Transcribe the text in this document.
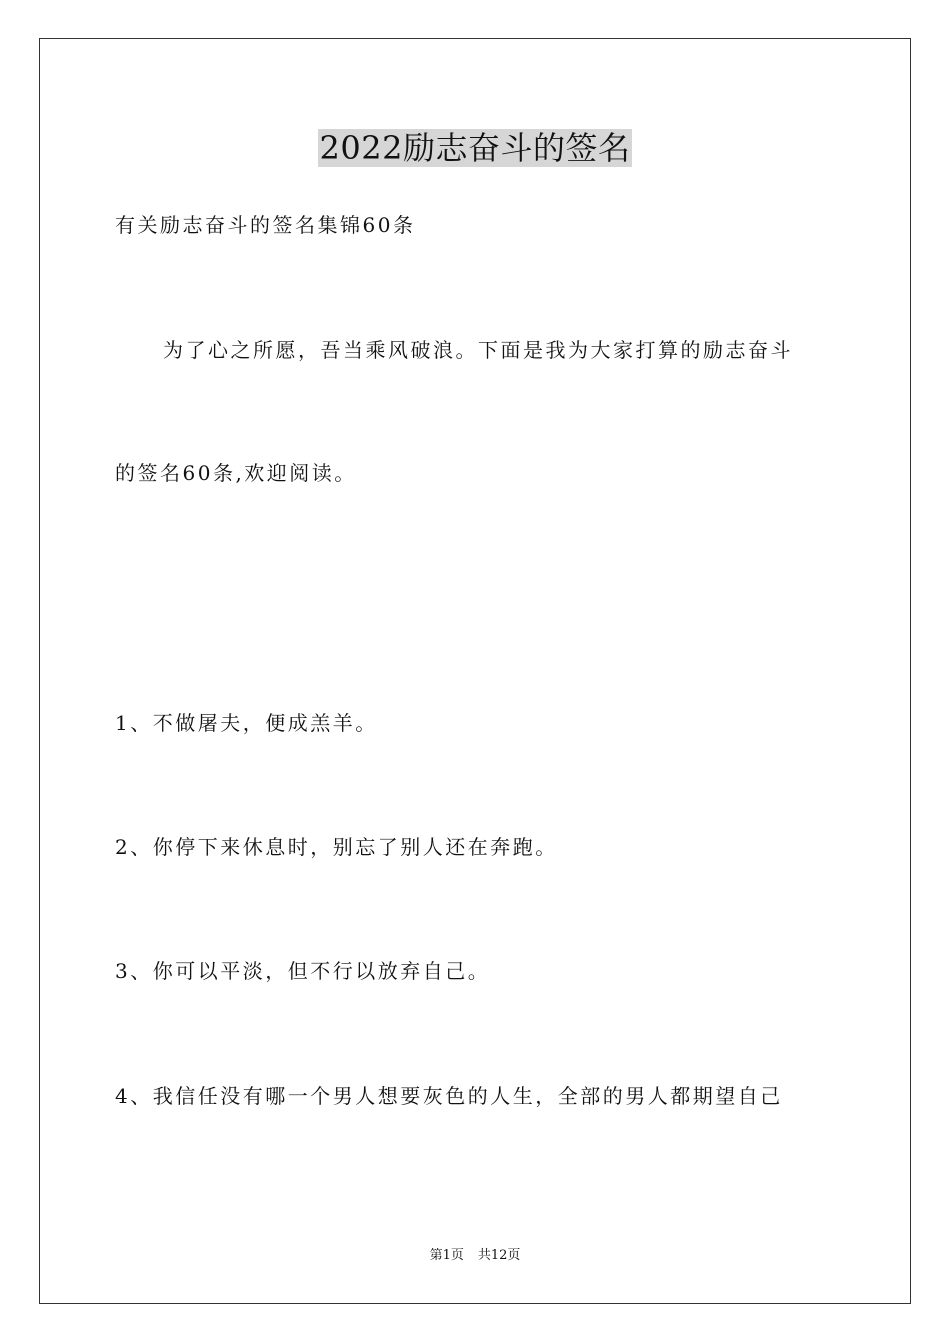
2022励志奋斗的签名
有关励志奋斗的签名集锦60条
为了心之所愿，吾当乘风破浪。下面是我为大家打算的励志奋斗
的签名60条,欢迎阅读。
1、不做屠夫，便成羔羊。
2、你停下来休息时，别忘了别人还在奔跑。
3、你可以平淡，但不行以放弃自己。
4、我信任没有哪一个男人想要灰色的人生，全部的男人都期望自己
第1页 共12页
